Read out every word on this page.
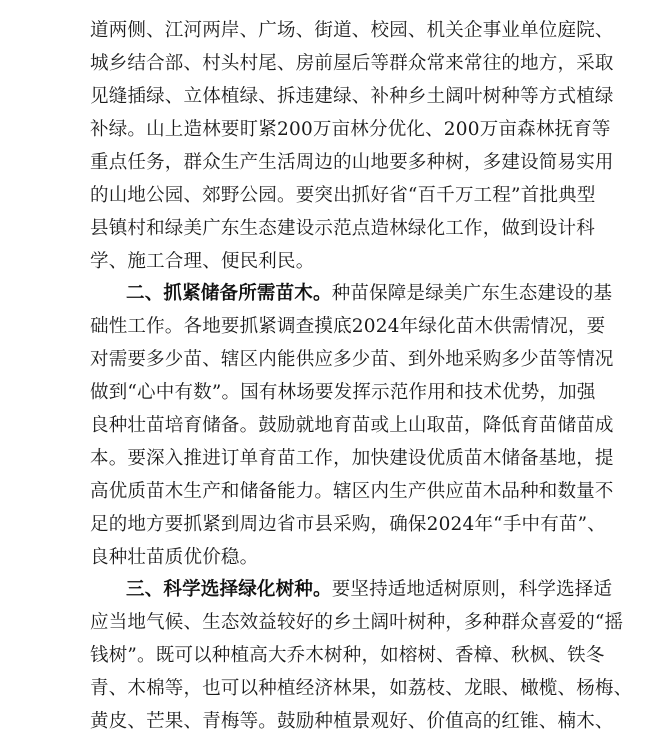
道两侧、江河两岸、广场、街道、校园、机关企事业单位庭院、
城乡结合部、村头村尾、房前屋后等群众常来常往的地方，采取
见缝插绿、立体植绿、拆违建绿、补种乡土阔叶树种等方式植绿
补绿。山上造林要盯紧200万亩林分优化、200万亩森林抚育等
重点任务，群众生产生活周边的山地要多种树，多建设简易实用
的山地公园、郊野公园。要突出抓好省“百千万工程”首批典型
县镇村和绿美广东生态建设示范点造林绿化工作，做到设计科
学、施工合理、便民利民。
二、抓紧储备所需苗木。种苗保障是绿美广东生态建设的基
础性工作。各地要抓紧调查摸底2024年绿化苗木供需情况，要
对需要多少苗、辖区内能供应多少苗、到外地采购多少苗等情况
做到“心中有数”。国有林场要发挥示范作用和技术优势，加强
良种壮苗培育储备。鼓励就地育苗或上山取苗，降低育苗储苗成
本。要深入推进订单育苗工作，加快建设优质苗木储备基地，提
高优质苗木生产和储备能力。辖区内生产供应苗木品种和数量不
足的地方要抓紧到周边省市县采购，确保2024年“手中有苗”、
良种壮苗质优价稳。
三、科学选择绿化树种。要坚持适地适树原则，科学选择适
应当地气候、生态效益较好的乡土阔叶树种，多种群众喜爱的“摇
钱树”。既可以种植高大乔木树种，如榕树、香樟、秋枫、铁冬
青、木棉等，也可以种植经济林果，如荔枝、龙眼、橄榄、杨梅、
黄皮、芒果、青梅等。鼓励种植景观好、价值高的红锥、楠木、
